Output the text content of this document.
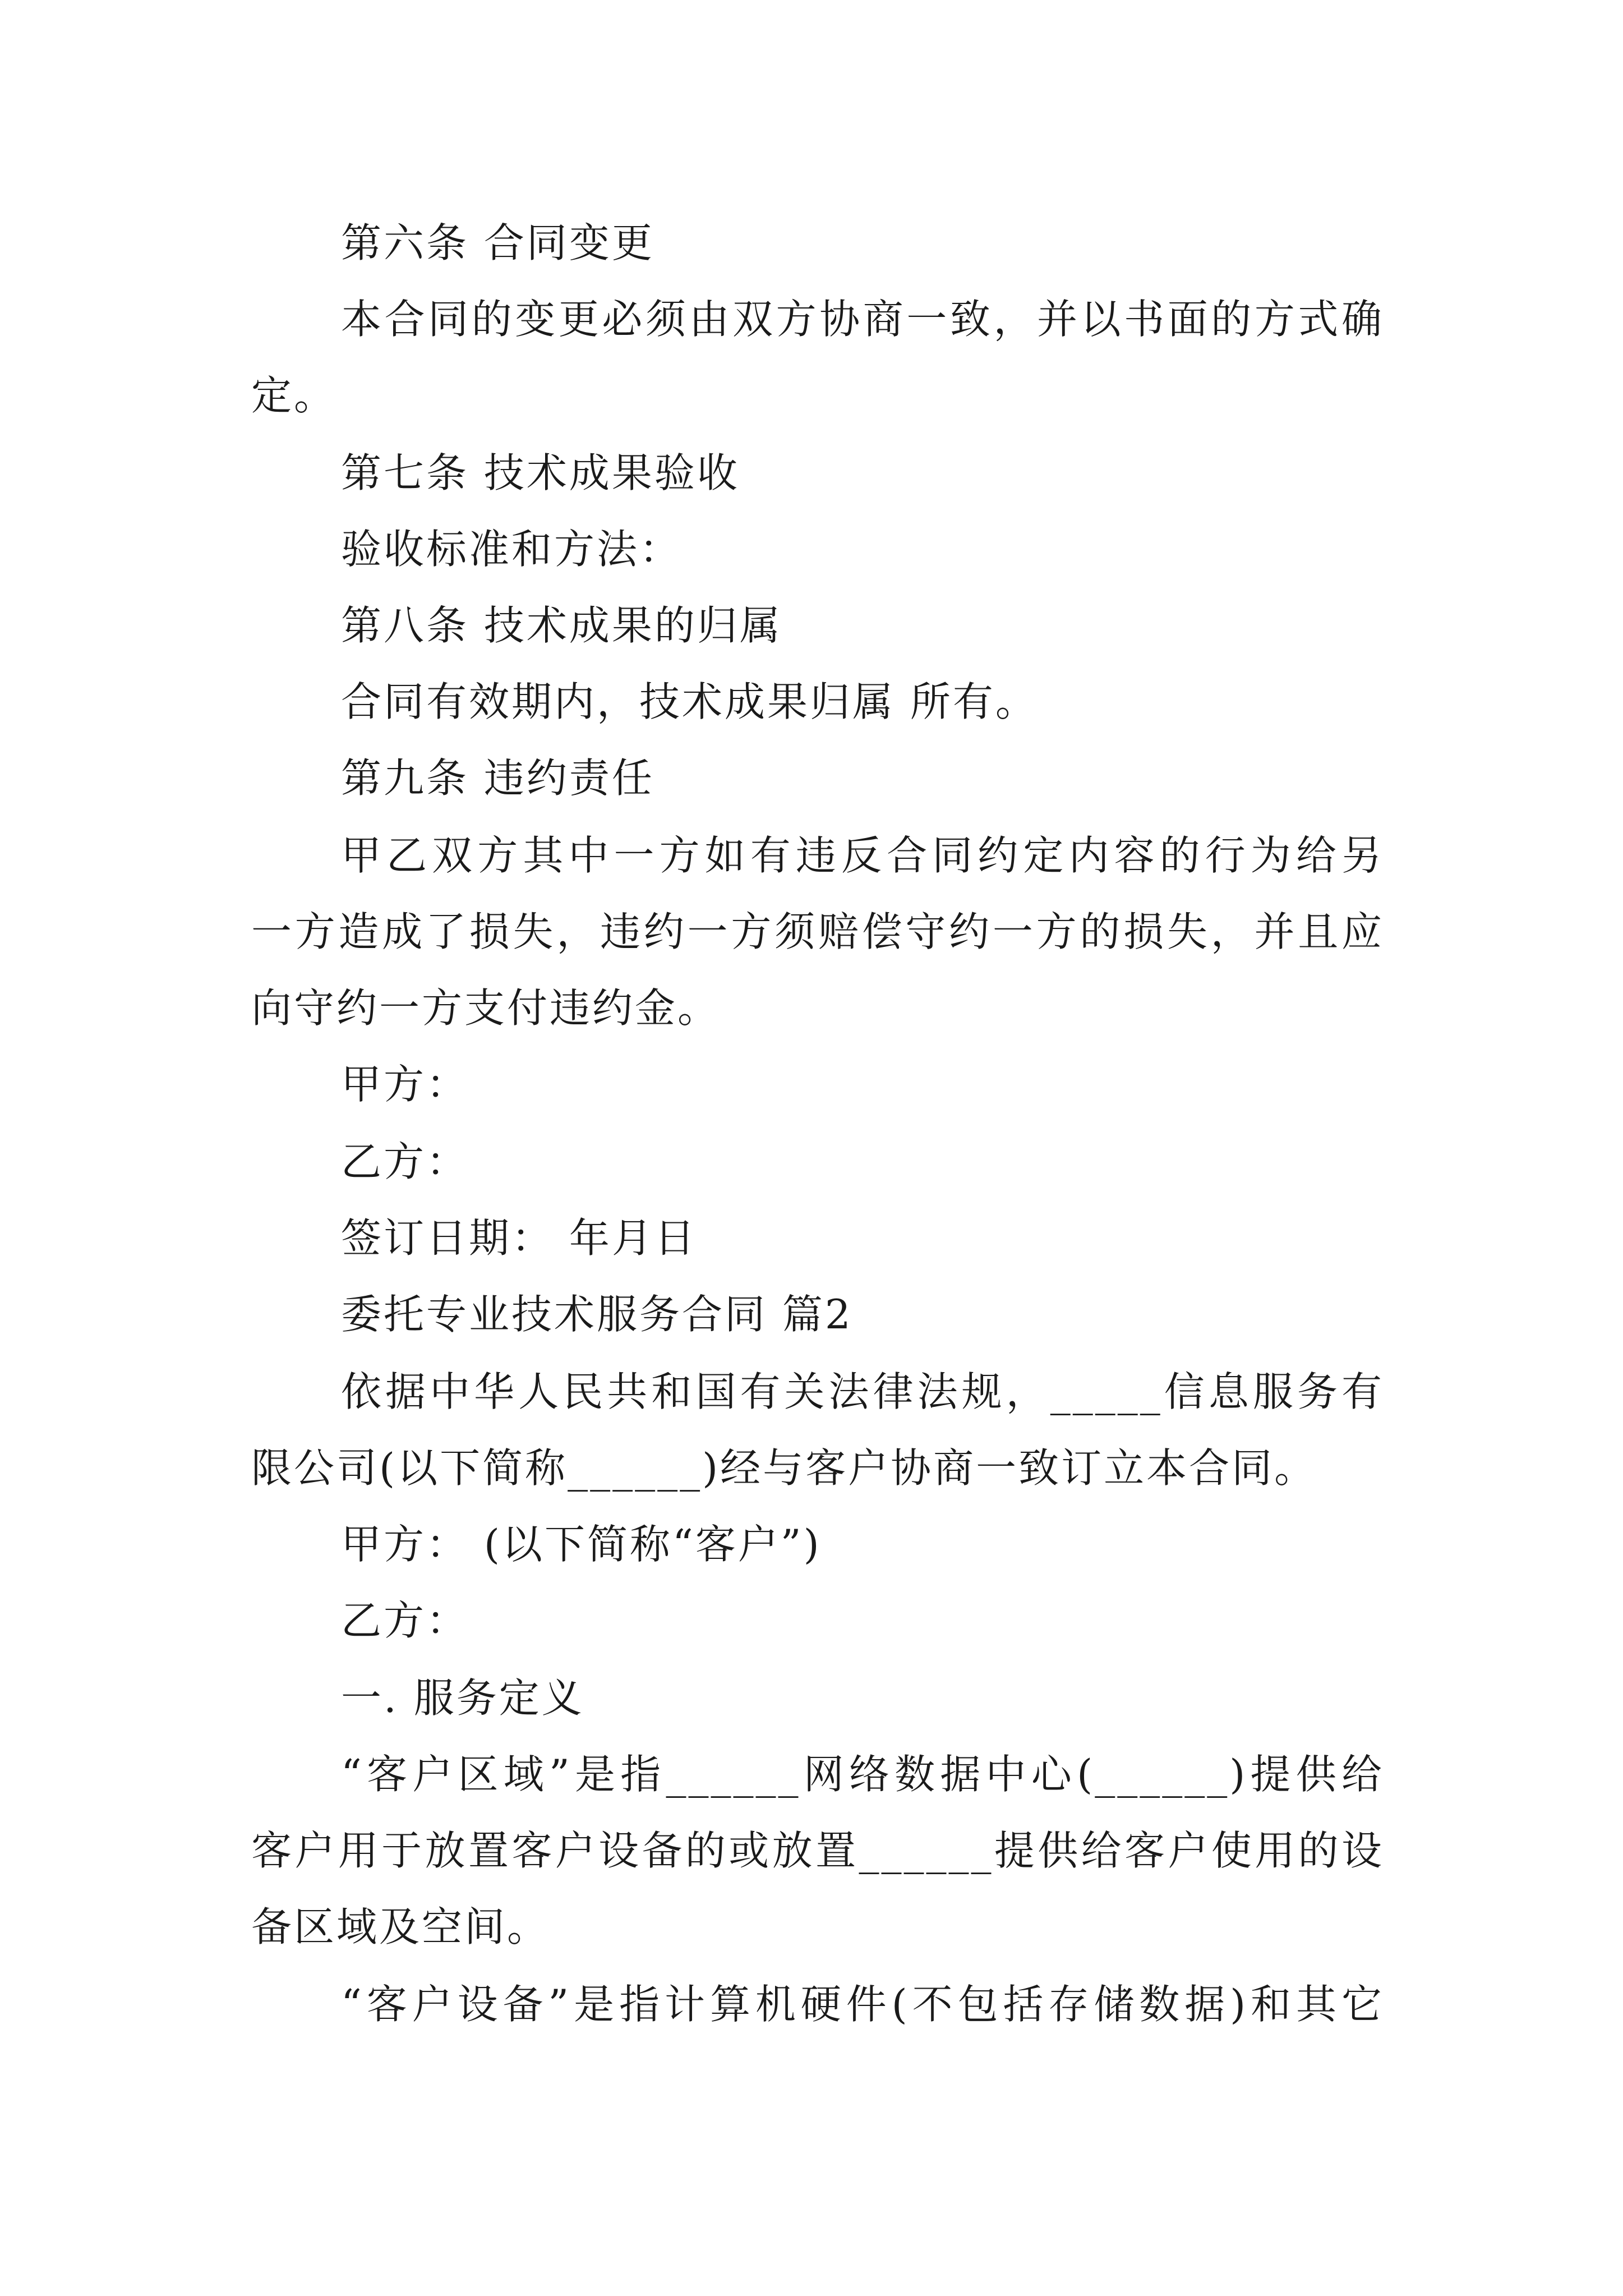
第六条 合同变更
本合同的变更必须由双方协商一致，并以书面的方式确
定。
第七条 技术成果验收
验收标准和方法：
第八条 技术成果的归属
合同有效期内，技术成果归属 所有。
第九条 违约责任
甲乙双方其中一方如有违反合同约定内容的行为给另
一方造成了损失，违约一方须赔偿守约一方的损失，并且应
向守约一方支付违约金。
甲方：
乙方：
签订日期： 年月日
委托专业技术服务合同 篇2
依据中华人民共和国有关法律法规，_____信息服务有
限公司(以下简称______)经与客户协商一致订立本合同。
甲方： (以下简称“客户”)
乙方：
一. 服务定义
“客户区域”是指______网络数据中心(______)提供给
客户用于放置客户设备的或放置______提供给客户使用的设
备区域及空间。
“客户设备”是指计算机硬件(不包括存储数据)和其它
